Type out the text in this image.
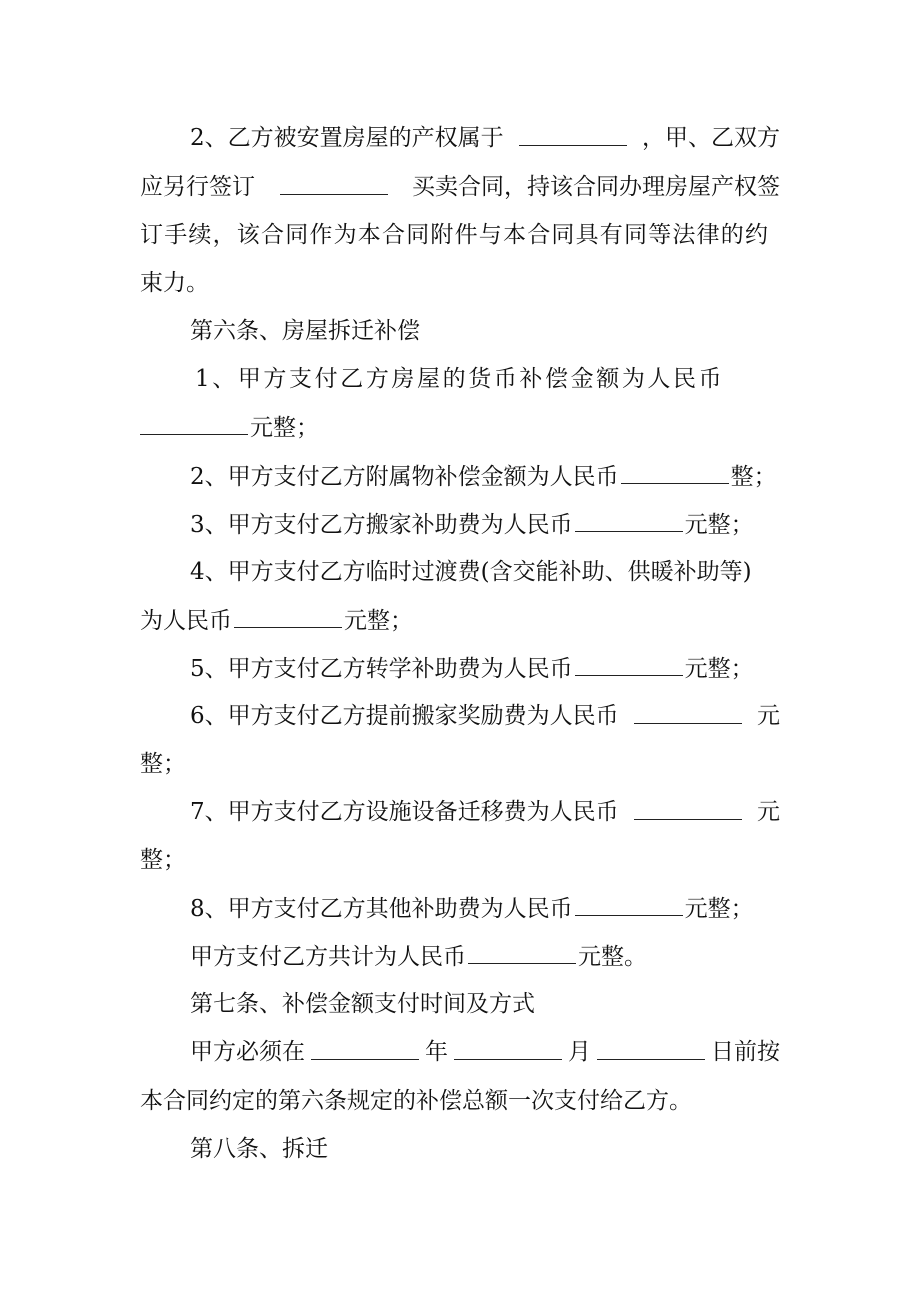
2、乙方被安置房屋的产权属于	，甲、乙双方
应另行签订	买卖合同，持该合同办理房屋产权签
订手续，该合同作为本合同附件与本合同具有同等法律的约
束力。
第六条、房屋拆迁补偿
1、甲方支付乙方房屋的货币补偿金额为人民币
元整；
2、甲方支付乙方附属物补偿金额为人民币	整；
3、甲方支付乙方搬家补助费为人民币	元整；
4、甲方支付乙方临时过渡费(含交能补助、供暖补助等)
为人民币	元整；
5、甲方支付乙方转学补助费为人民币	元整；
6、甲方支付乙方提前搬家奖励费为人民币	元
整；
7、甲方支付乙方设施设备迁移费为人民币	元
整；
8、甲方支付乙方其他补助费为人民币	元整；
甲方支付乙方共计为人民币	元整。
第七条、补偿金额支付时间及方式
甲方必须在	年	月	日前按
本合同约定的第六条规定的补偿总额一次支付给乙方。
第八条、拆迁
